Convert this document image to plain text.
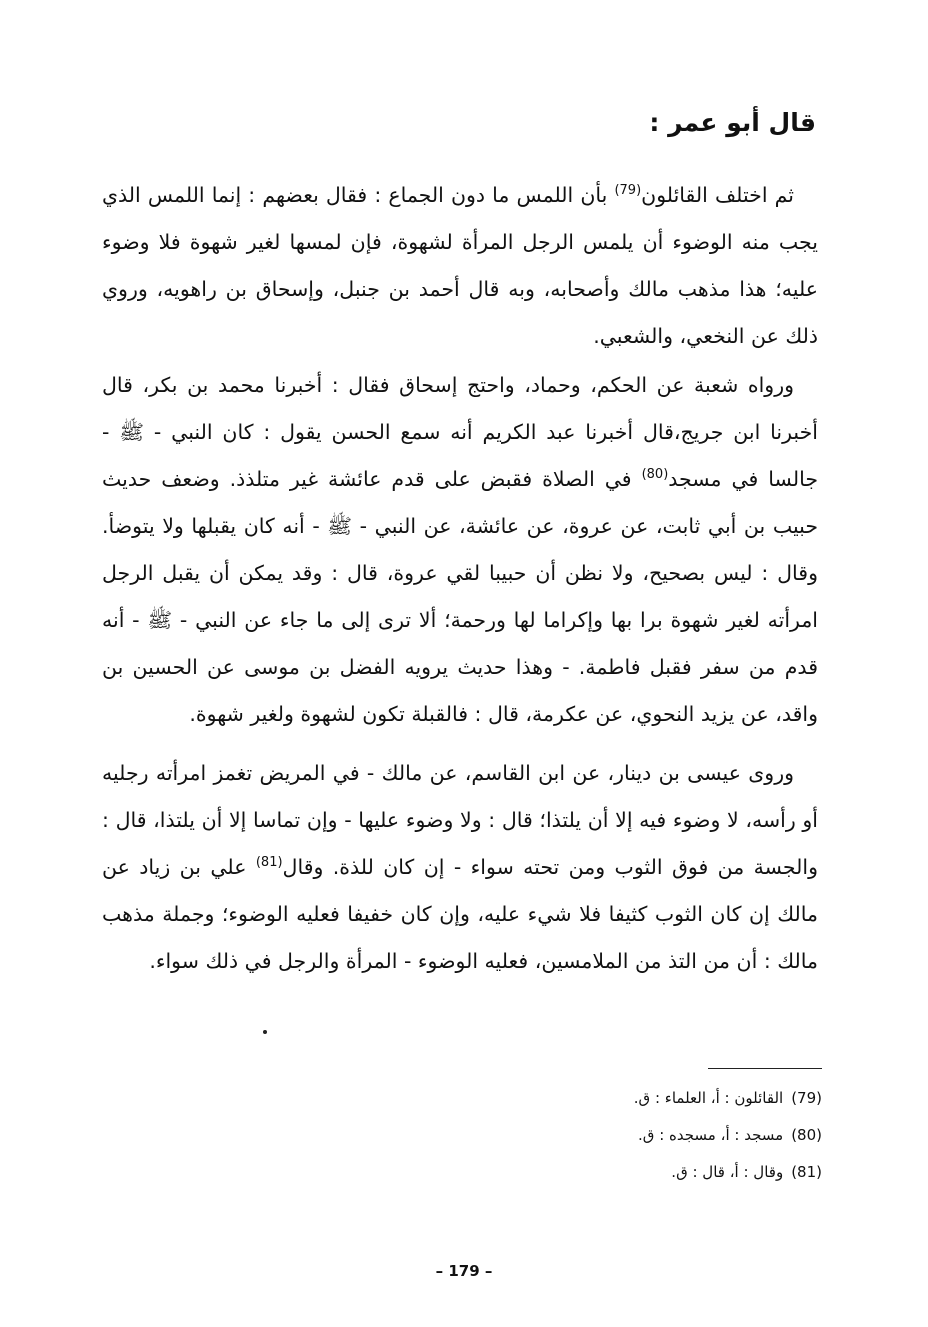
قال أبو عمر :

ثم اختلف القائلون$^{(79)}$ بأن اللمس ما دون الجماع : فقال بعضهم : إنما اللمس الذي يجب منه الوضوء أن يلمس الرجل المرأة لشهوة، فإن لمسها لغير شهوة فلا وضوء عليه؛ هذا مذهب مالك وأصحابه، وبه قال أحمد بن جنبل، وإسحاق بن راهويه، وروي ذلك عن النخعي، والشعبي.

ورواه شعبة عن الحكم، وحماد، واحتج إسحاق فقال : أخبرنا محمد بن بكر، قال أخبرنا ابن جريج،قال أخبرنا عبد الكريم أنه سمع الحسن يقول : كان النبي - ﷺ - جالسا في مسجد$^{(80)}$ في الصلاة فقبض على قدم عائشة غير متلذذ. وضعف حديث حبيب بن أبي ثابت، عن عروة، عن عائشة، عن النبي - ﷺ - أنه كان يقبلها ولا يتوضأ. وقال : ليس بصحيح، ولا نظن أن حبيبا لقي عروة، قال : وقد يمكن أن يقبل الرجل امرأته لغير شهوة برا بها وإكراما لها ورحمة؛ ألا ترى إلى ما جاء عن النبي - ﷺ - أنه قدم من سفر فقبل فاطمة. - وهذا حديث يرويه الفضل بن موسى عن الحسين بن واقد، عن يزيد النحوي، عن عكرمة، قال : فالقبلة تكون لشهوة ولغير شهوة.

وروى عيسى بن دينار، عن ابن القاسم، عن مالك - في المريض تغمز امرأته رجليه أو رأسه، لا وضوء فيه إلا أن يلتذا؛ قال : ولا وضوء عليها - وإن تماسا إلا أن يلتذا، قال : والجسة من فوق الثوب ومن تحته سواء - إن كان للذة. وقال$^{(81)}$ علي بن زياد عن مالك إن كان الثوب كثيفا فلا شيء عليه، وإن كان خفيفا فعليه الوضوء؛ وجملة مذهب مالك : أن من التذ من الملامسين، فعليه الوضوء - المرأة والرجل في ذلك سواء.

(79)القائلون : أ، العلماء : ق.
(80)مسجد : أ، مسجده : ق.
(81)وقال : أ، قال : ق.
– 179 –
